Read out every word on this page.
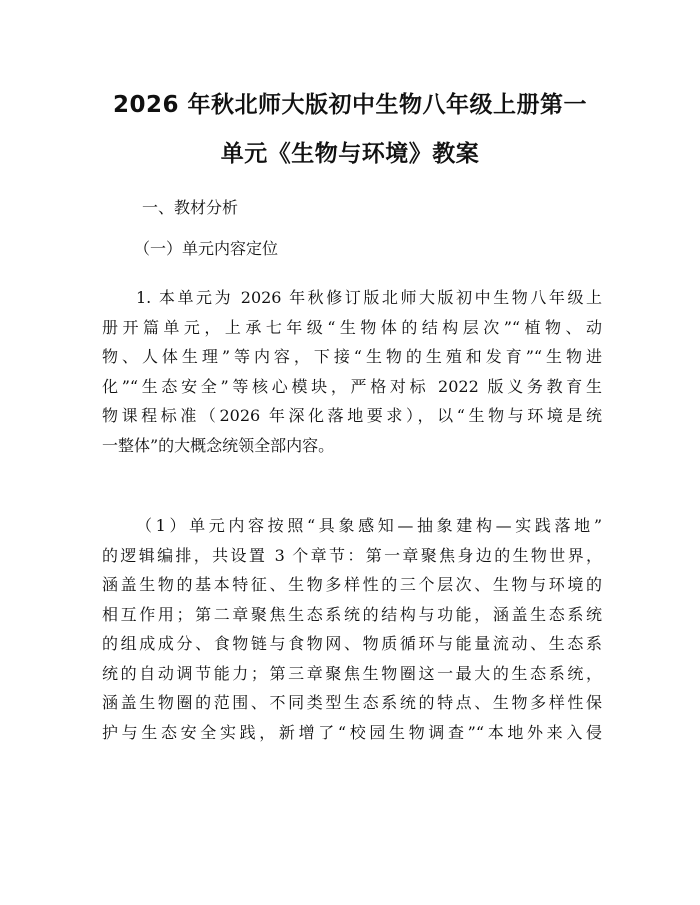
2026 年秋北师大版初中生物八年级上册第一
单元《生物与环境》教案
一、教材分析
（一）单元内容定位
1. 本单元为 2026 年秋修订版北师大版初中生物八年级上
册开篇单元，上承七年级“生物体的结构层次”“植物、动
物、人体生理”等内容，下接“生物的生殖和发育”“生物进
化”“生态安全”等核心模块，严格对标 2022 版义务教育生
物课程标准（2026 年深化落地要求），以“生物与环境是统
一整体”的大概念统领全部内容。
（1）单元内容按照“具象感知—抽象建构—实践落地”
的逻辑编排，共设置 3 个章节：第一章聚焦身边的生物世界，
涵盖生物的基本特征、生物多样性的三个层次、生物与环境的
相互作用；第二章聚焦生态系统的结构与功能，涵盖生态系统
的组成成分、食物链与食物网、物质循环与能量流动、生态系
统的自动调节能力；第三章聚焦生物圈这一最大的生态系统，
涵盖生物圈的范围、不同类型生态系统的特点、生物多样性保
护与生态安全实践，新增了“校园生物调查”“本地外来入侵
